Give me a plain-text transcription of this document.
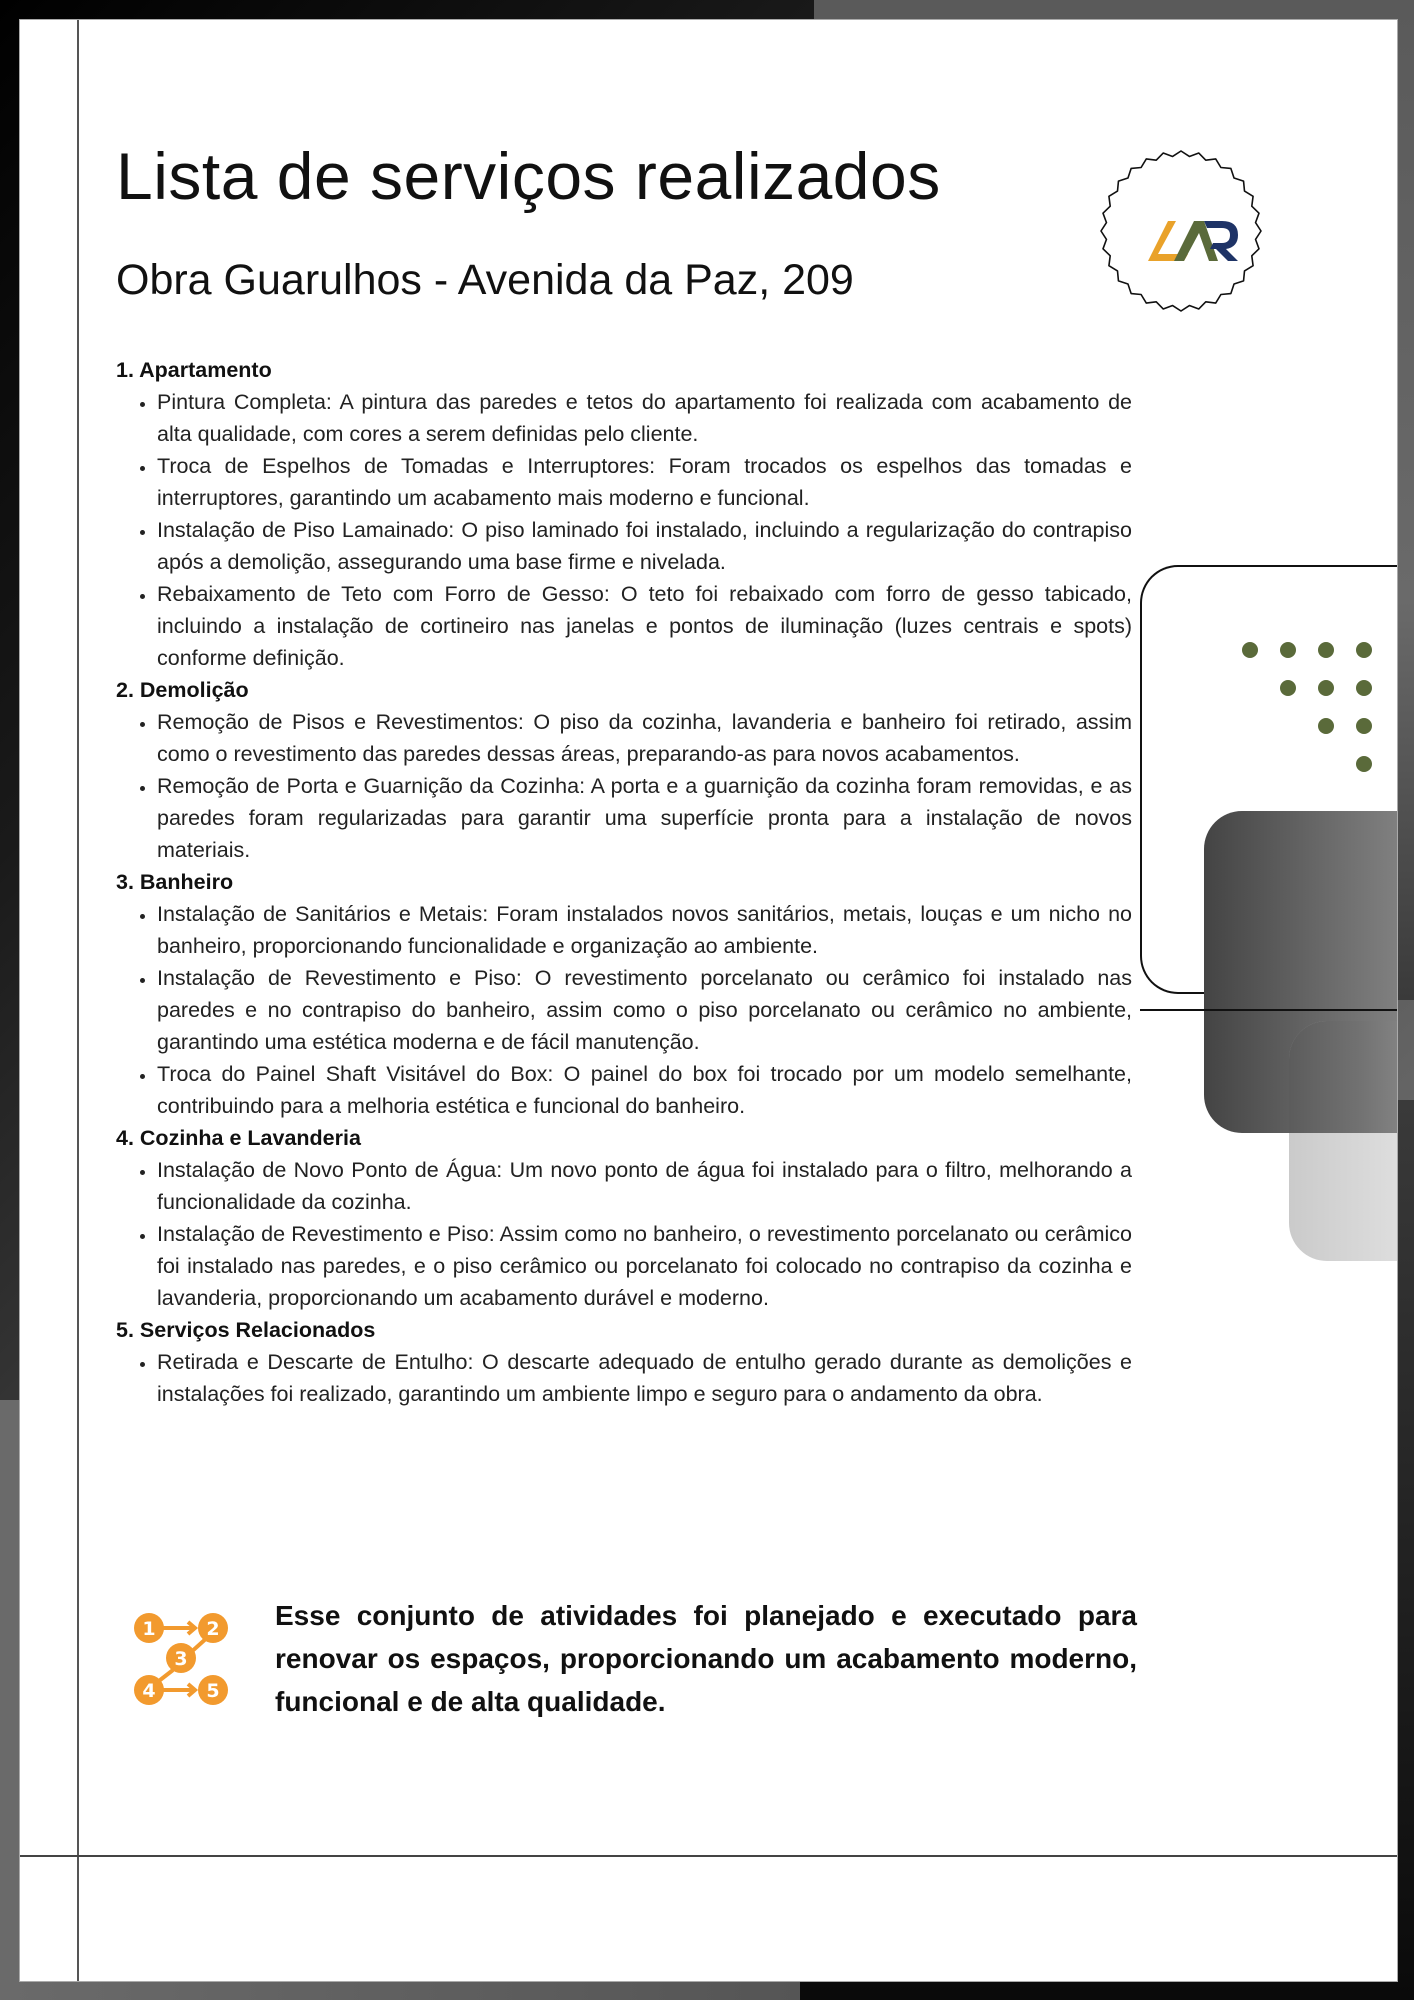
Lista de serviços realizados
Obra Guarulhos - Avenida da Paz, 209

1. Apartamento

• Pintura Completa: A pintura das paredes e tetos do apartamento foi realizada com acabamento de alta qualidade, com cores a serem definidas pelo cliente.
• Troca de Espelhos de Tomadas e Interruptores: Foram trocados os espelhos das tomadas e interruptores, garantindo um acabamento mais moderno e funcional.
• Instalação de Piso Lamainado: O piso laminado foi instalado, incluindo a regularização do contrapiso após a demolição, assegurando uma base firme e nivelada.
• Rebaixamento de Teto com Forro de Gesso: O teto foi rebaixado com forro de gesso tabicado, incluindo a instalação de cortineiro nas janelas e pontos de iluminação (luzes centrais e spots) conforme definição.

2. Demolição

• Remoção de Pisos e Revestimentos: O piso da cozinha, lavanderia e banheiro foi retirado, assim como o revestimento das paredes dessas áreas, preparando-as para novos acabamentos.
• Remoção de Porta e Guarnição da Cozinha: A porta e a guarnição da cozinha foram removidas, e as paredes foram regularizadas para garantir uma superfície pronta para a instalação de novos materiais.

3. Banheiro

• Instalação de Sanitários e Metais: Foram instalados novos sanitários, metais, louças e um nicho no banheiro, proporcionando funcionalidade e organização ao ambiente.
• Instalação de Revestimento e Piso: O revestimento porcelanato ou cerâmico foi instalado nas paredes e no contrapiso do banheiro, assim como o piso porcelanato ou cerâmico no ambiente, garantindo uma estética moderna e de fácil manutenção.
• Troca do Painel Shaft Visitável do Box: O painel do box foi trocado por um modelo semelhante, contribuindo para a melhoria estética e funcional do banheiro.

4. Cozinha e Lavanderia

• Instalação de Novo Ponto de Água: Um novo ponto de água foi instalado para o filtro, melhorando a funcionalidade da cozinha.
• Instalação de Revestimento e Piso: Assim como no banheiro, o revestimento porcelanato ou cerâmico foi instalado nas paredes, e o piso cerâmico ou porcelanato foi colocado no contrapiso da cozinha e lavanderia, proporcionando um acabamento durável e moderno.

5. Serviços Relacionados

• Retirada e Descarte de Entulho: O descarte adequado de entulho gerado durante as demolições e instalações foi realizado, garantindo um ambiente limpo e seguro para o andamento da obra.
1	2
3
4	5

Esse conjunto de atividades foi planejado e executado para renovar os espaços, proporcionando um acabamento moderno, funcional e de alta qualidade.
